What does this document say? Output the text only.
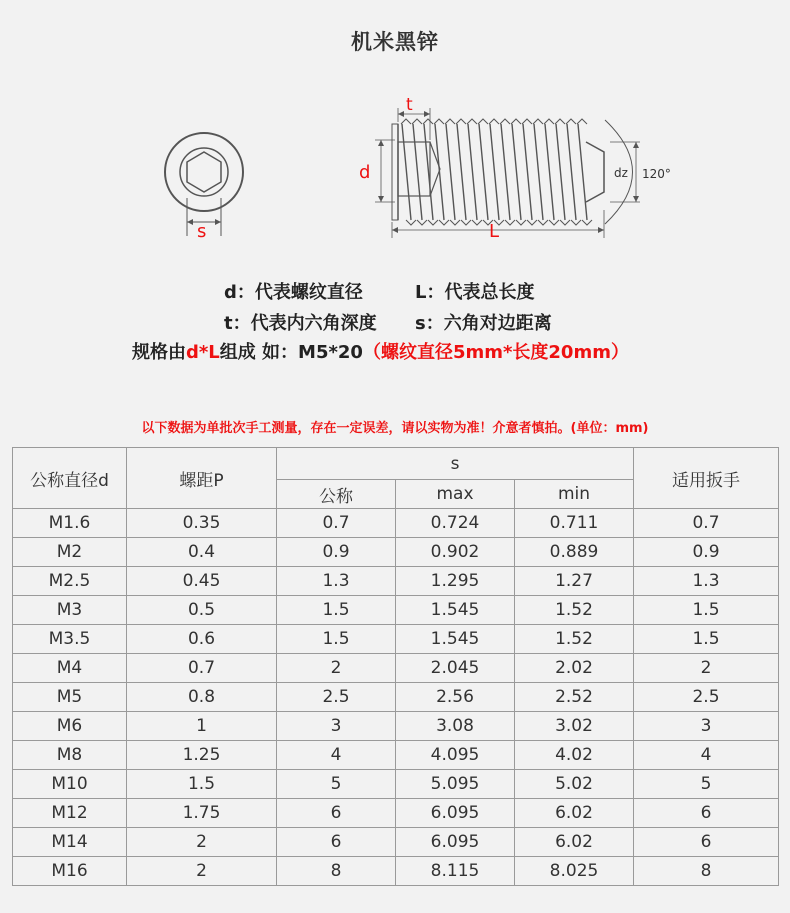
机米黑锌
s
t
d
L
dz 120°
d：代表螺纹直径	L：代表总长度
t：代表内六角深度 s：六角对边距离
规格由d*L组成 如：M5*20（螺纹直径5mm*长度20mm）
以下数据为单批次手工测量，存在一定误差，请以实物为准！介意者慎拍。(单位：mm)
公称直径d	螺距P	s			适用扳手
		公称	max	min	
M1.6	0.35	0.7	0.724	0.711	0.7
M2	0.4	0.9	0.902	0.889	0.9
M2.5	0.45	1.3	1.295	1.27	1.3
M3	0.5	1.5	1.545	1.52	1.5
M3.5	0.6	1.5	1.545	1.52	1.5
M4	0.7	2	2.045	2.02	2
M5	0.8	2.5	2.56	2.52	2.5
M6	1	3	3.08	3.02	3
M8	1.25	4	4.095	4.02	4
M10	1.5	5	5.095	5.02	5
M12	1.75	6	6.095	6.02	6
M14	2	6	6.095	6.02	6
M16	2	8	8.115	8.025	8
